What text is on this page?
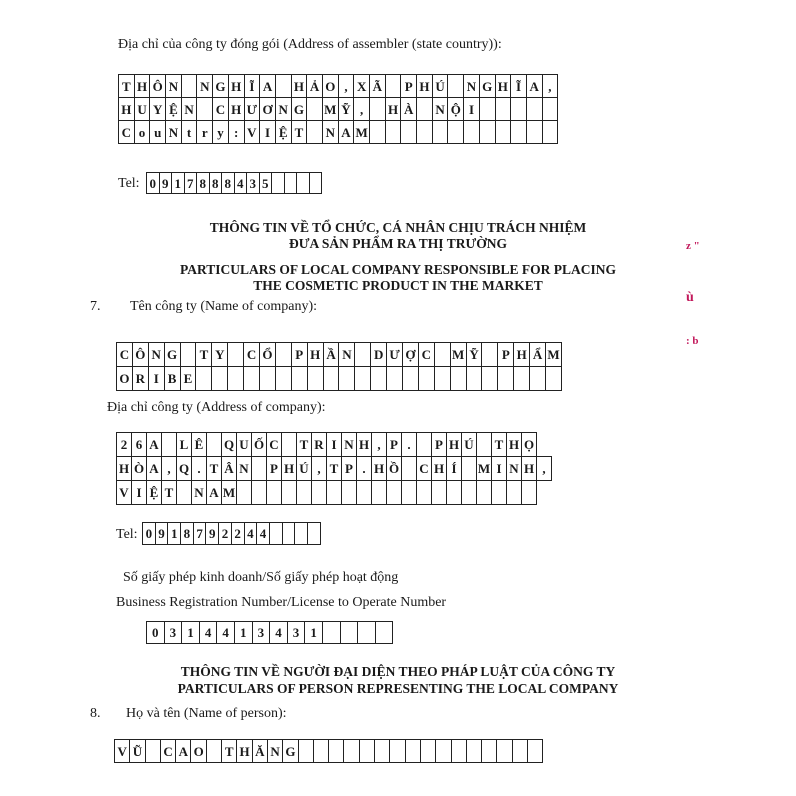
Địa chỉ của công ty đóng gói (Address of assembler (state country)):
T H Ô N N G H Ĩ A H Ả O , X Ã	P H Ú N G H Ĩ A ,
H U Y Ệ N C H Ư Ơ N G M Ỹ ,	H À N Ộ I
C o u N t r y : V I Ệ T	N A M
Tel: 0 9 1 7 8 8 8 4 3 5
THÔNG TIN VỀ TỔ CHỨC, CÁ NHÂN CHỊU TRÁCH NHIỆM
ĐƯA SẢN PHẨM RA THỊ TRƯỜNG
PARTICULARS OF LOCAL COMPANY RESPONSIBLE FOR PLACING
THE COSMETIC PRODUCT IN THE MARKET
z "
ù
: b
7. Tên công ty (Name of company):
C Ô N G	T Y C Ổ	P H Ầ N D Ư Ợ C M Ỹ	P H Ẩ M
O R I B E
Địa chỉ công ty (Address of company):
2 6 A L Ê Q U Ố C T R I N H , P .	P H Ú T H Ọ
H Ò A , Q . T Â N	P H Ú , T P . H Ồ C H Í	M I N H ,
V I Ệ T N A M
Tel: 0 9 1 8 7 9 2 2 4 4
Số giấy phép kinh doanh/Số giấy phép hoạt động
Business Registration Number/License to Operate Number
0 3 1 4 4 1 3 4 3 1
THÔNG TIN VỀ NGƯỜI ĐẠI DIỆN THEO PHÁP LUẬT CỦA CÔNG TY
PARTICULARS OF PERSON REPRESENTING THE LOCAL COMPANY
8. Họ và tên (Name of person):
V Ũ C A O T H Ă N G
